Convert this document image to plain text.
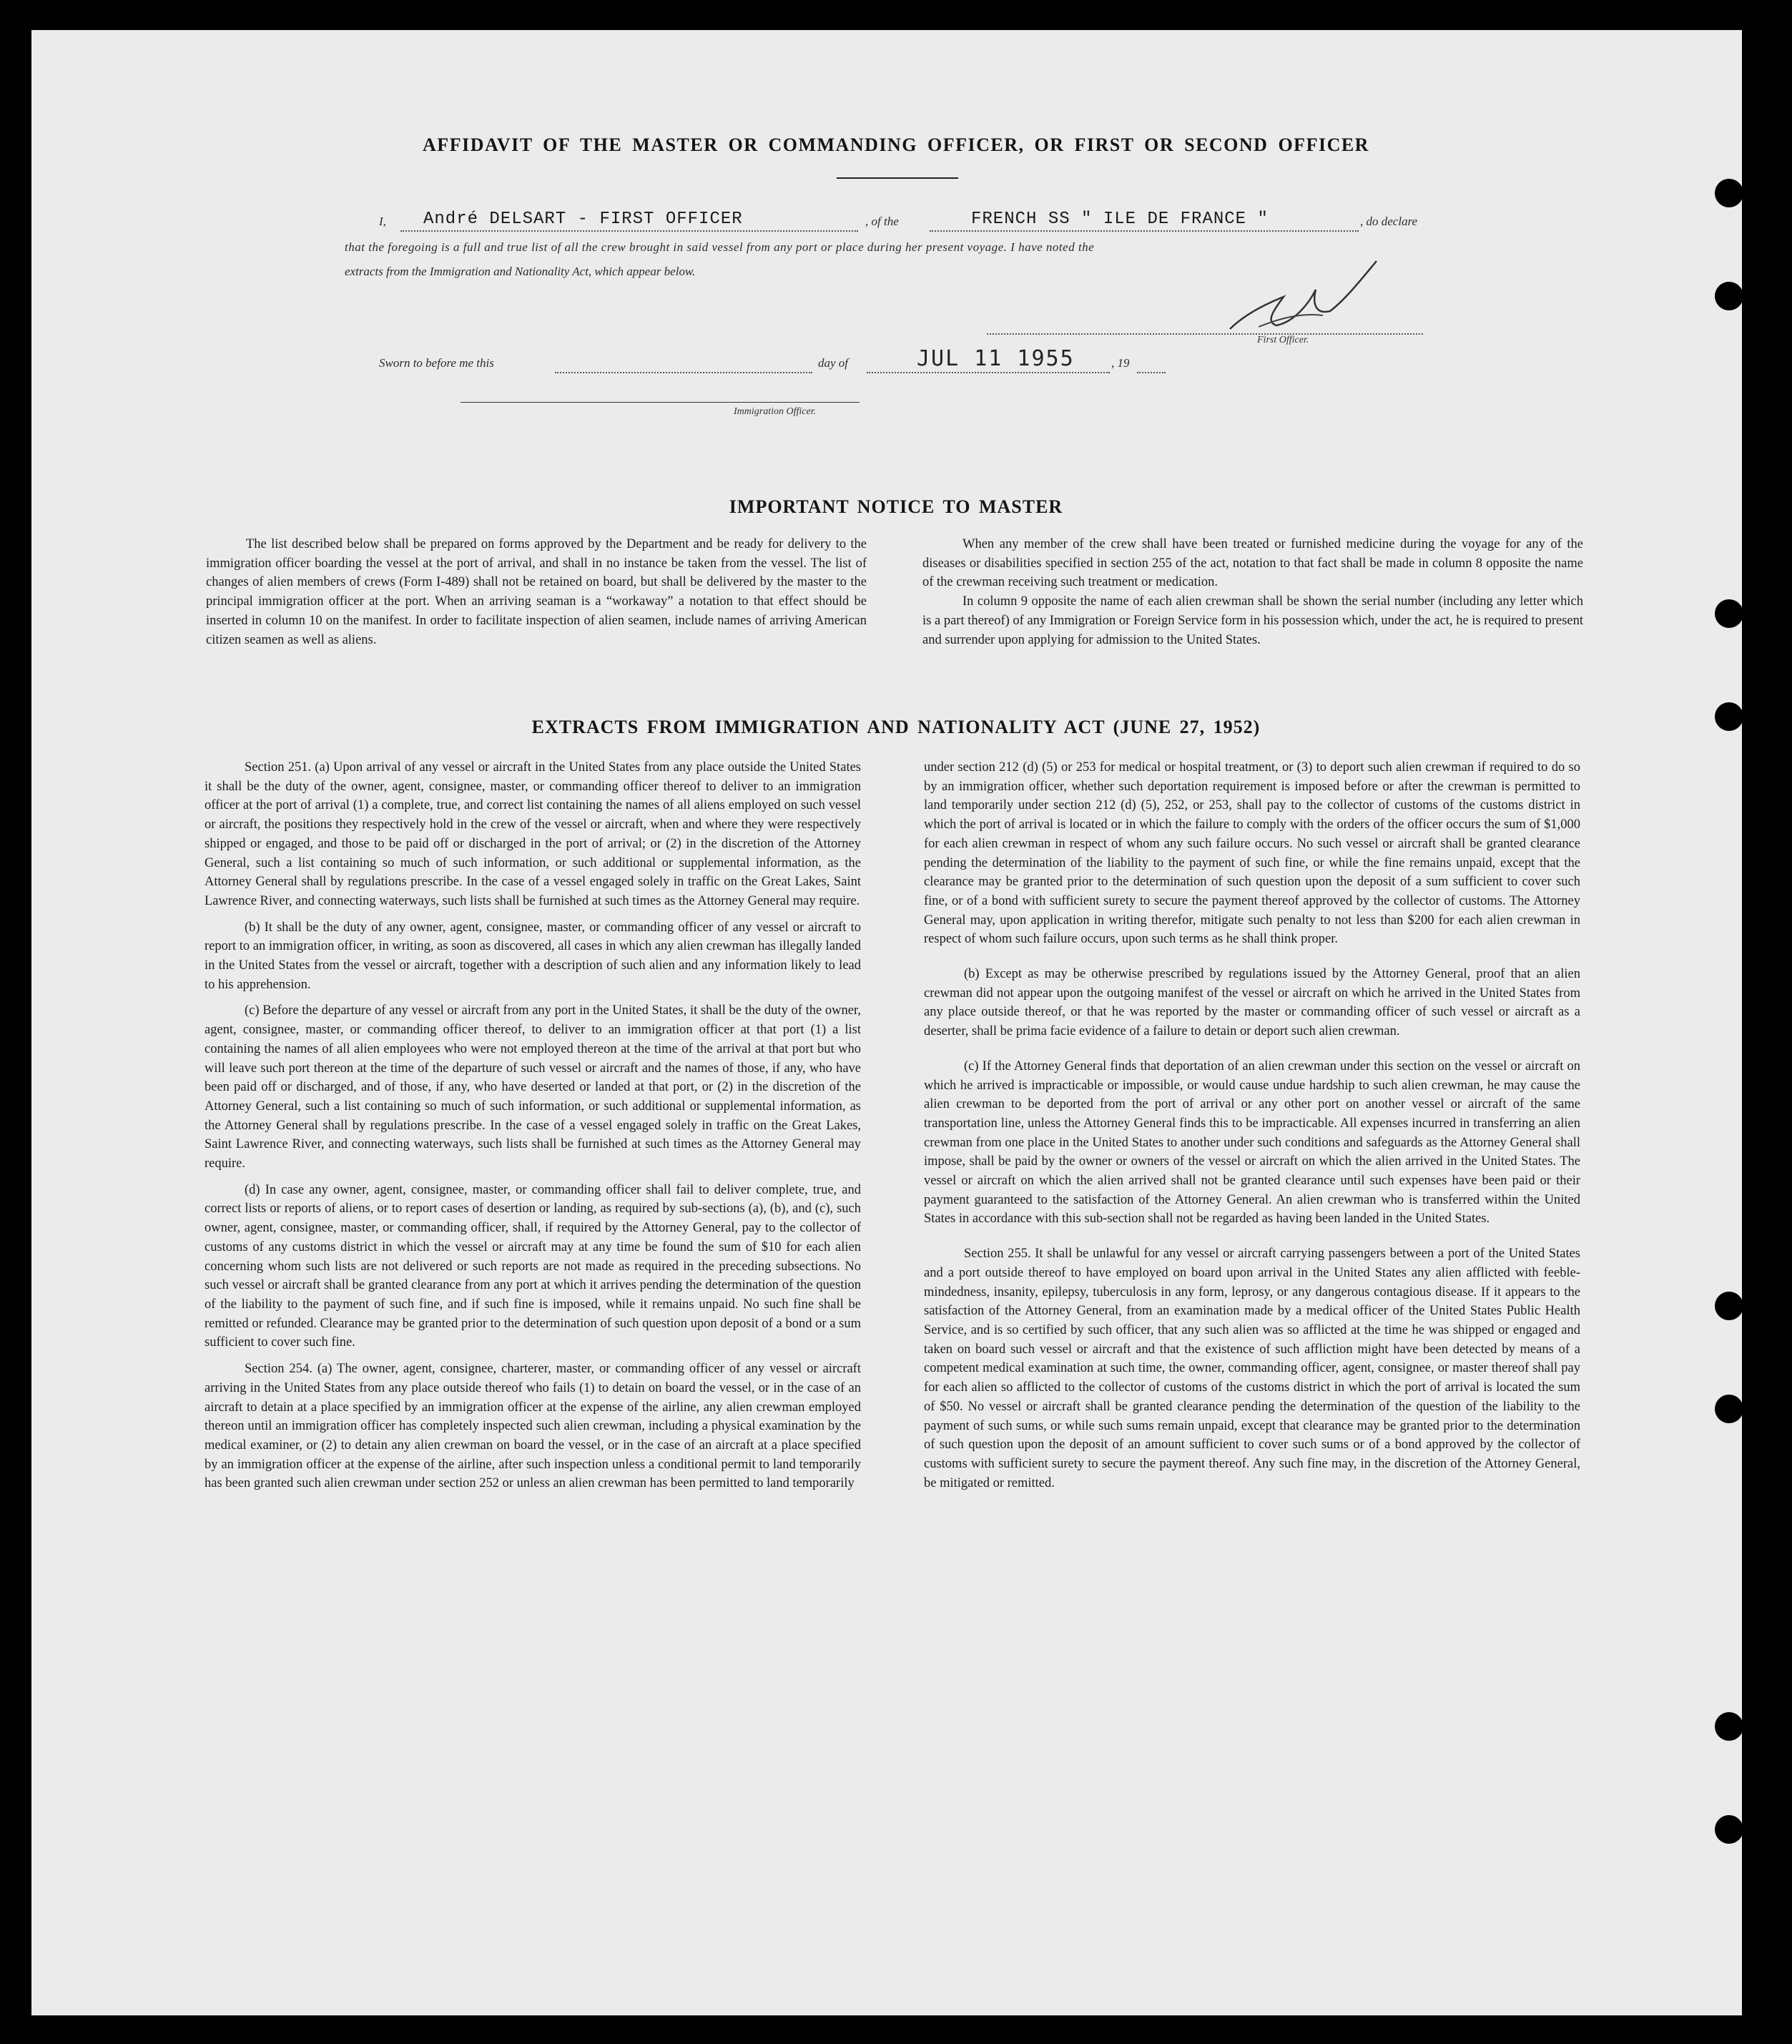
AFFIDAVIT OF THE MASTER OR COMMANDING OFFICER, OR FIRST OR SECOND OFFICER
I, André DELSART - FIRST OFFICER	, of the	FRENCH SS " ILE DE FRANCE "	, do declare
that the foregoing is a full and true list of all the crew brought in said vessel from any port or place during her present voyage. I have noted the
extracts from the Immigration and Nationality Act, which appear below.
First Officer.
Sworn to before me this	day of	JUL 11 1955	, 19
Immigration Officer.
IMPORTANT NOTICE TO MASTER

The list described below shall be prepared on forms approved by the Department and be ready for delivery to the immigration officer boarding the vessel at the port of arrival, and shall in no instance be taken from the vessel. The list of changes of alien members of crews (Form I-489) shall not be retained on board, but shall be delivered by the master to the principal immigration officer at the port. When an arriving seaman is a “workaway” a notation to that effect should be inserted in column 10 on the manifest. In order to facilitate inspection of alien seamen, include names of arriving American citizen seamen as well as aliens.

When any member of the crew shall have been treated or furnished medicine during the voyage for any of the diseases or disabilities specified in section 255 of the act, notation to that fact shall be made in column 8 opposite the name of the crewman receiving such treatment or medication.

In column 9 opposite the name of each alien crewman shall be shown the serial number (including any letter which is a part thereof) of any Immigration or Foreign Service form in his possession which, under the act, he is required to present and surrender upon applying for admission to the United States.

EXTRACTS FROM IMMIGRATION AND NATIONALITY ACT (JUNE 27, 1952)

Section 251. (a) Upon arrival of any vessel or aircraft in the United States from any place outside the United States it shall be the duty of the owner, agent, consignee, master, or commanding officer thereof to deliver to an immigration officer at the port of arrival (1) a complete, true, and correct list containing the names of all aliens employed on such vessel or aircraft, the positions they respectively hold in the crew of the vessel or aircraft, when and where they were respectively shipped or engaged, and those to be paid off or discharged in the port of arrival; or (2) in the discretion of the Attorney General, such a list containing so much of such information, or such additional or supplemental information, as the Attorney General shall by regulations prescribe. In the case of a vessel engaged solely in traffic on the Great Lakes, Saint Lawrence River, and connecting waterways, such lists shall be furnished at such times as the Attorney General may require.

(b) It shall be the duty of any owner, agent, consignee, master, or commanding officer of any vessel or aircraft to report to an immigration officer, in writing, as soon as discovered, all cases in which any alien crewman has illegally landed in the United States from the vessel or aircraft, together with a description of such alien and any information likely to lead to his apprehension.

(c) Before the departure of any vessel or aircraft from any port in the United States, it shall be the duty of the owner, agent, consignee, master, or commanding officer thereof, to deliver to an immigration officer at that port (1) a list containing the names of all alien employees who were not employed thereon at the time of the arrival at that port but who will leave such port thereon at the time of the departure of such vessel or aircraft and the names of those, if any, who have been paid off or discharged, and of those, if any, who have deserted or landed at that port, or (2) in the discretion of the Attorney General, such a list containing so much of such information, or such additional or supplemental information, as the Attorney General shall by regulations prescribe. In the case of a vessel engaged solely in traffic on the Great Lakes, Saint Lawrence River, and connecting waterways, such lists shall be furnished at such times as the Attorney General may require.

(d) In case any owner, agent, consignee, master, or commanding officer shall fail to deliver complete, true, and correct lists or reports of aliens, or to report cases of desertion or landing, as required by sub-sections (a), (b), and (c), such owner, agent, consignee, master, or commanding officer, shall, if required by the Attorney General, pay to the collector of customs of any customs district in which the vessel or aircraft may at any time be found the sum of $10 for each alien concerning whom such lists are not delivered or such reports are not made as required in the preceding subsections. No such vessel or aircraft shall be granted clearance from any port at which it arrives pending the determination of the question of the liability to the payment of such fine, and if such fine is imposed, while it remains unpaid. No such fine shall be remitted or refunded. Clearance may be granted prior to the determination of such question upon deposit of a bond or a sum sufficient to cover such fine.

Section 254. (a) The owner, agent, consignee, charterer, master, or commanding officer of any vessel or aircraft arriving in the United States from any place outside thereof who fails (1) to detain on board the vessel, or in the case of an aircraft to detain at a place specified by an immigration officer at the expense of the airline, any alien crewman employed thereon until an immigration officer has completely inspected such alien crewman, including a physical examination by the medical examiner, or (2) to detain any alien crewman on board the vessel, or in the case of an aircraft at a place specified by an immigration officer at the expense of the airline, after such inspection unless a conditional permit to land temporarily has been granted such alien crewman under section 252 or unless an alien crewman has been permitted to land temporarily

under section 212 (d) (5) or 253 for medical or hospital treatment, or (3) to deport such alien crewman if required to do so by an immigration officer, whether such deportation requirement is imposed before or after the crewman is permitted to land temporarily under section 212 (d) (5), 252, or 253, shall pay to the collector of customs of the customs district in which the port of arrival is located or in which the failure to comply with the orders of the officer occurs the sum of $1,000 for each alien crewman in respect of whom any such failure occurs. No such vessel or aircraft shall be granted clearance pending the determination of the liability to the payment of such fine, or while the fine remains unpaid, except that the clearance may be granted prior to the determination of such question upon the deposit of a sum sufficient to cover such fine, or of a bond with sufficient surety to secure the payment thereof approved by the collector of customs. The Attorney General may, upon application in writing therefor, mitigate such penalty to not less than $200 for each alien crewman in respect of whom such failure occurs, upon such terms as he shall think proper.

(b) Except as may be otherwise prescribed by regulations issued by the Attorney General, proof that an alien crewman did not appear upon the outgoing manifest of the vessel or aircraft on which he arrived in the United States from any place outside thereof, or that he was reported by the master or commanding officer of such vessel or aircraft as a deserter, shall be prima facie evidence of a failure to detain or deport such alien crewman.

(c) If the Attorney General finds that deportation of an alien crewman under this section on the vessel or aircraft on which he arrived is impracticable or impossible, or would cause undue hardship to such alien crewman, he may cause the alien crewman to be deported from the port of arrival or any other port on another vessel or aircraft of the same transportation line, unless the Attorney General finds this to be impracticable. All expenses incurred in transferring an alien crewman from one place in the United States to another under such conditions and safeguards as the Attorney General shall impose, shall be paid by the owner or owners of the vessel or aircraft on which the alien arrived in the United States. The vessel or aircraft on which the alien arrived shall not be granted clearance until such expenses have been paid or their payment guaranteed to the satisfaction of the Attorney General. An alien crewman who is transferred within the United States in accordance with this sub-section shall not be regarded as having been landed in the United States.

Section 255. It shall be unlawful for any vessel or aircraft carrying passengers between a port of the United States and a port outside thereof to have employed on board upon arrival in the United States any alien afflicted with feeble-mindedness, insanity, epilepsy, tuberculosis in any form, leprosy, or any dangerous contagious disease. If it appears to the satisfaction of the Attorney General, from an examination made by a medical officer of the United States Public Health Service, and is so certified by such officer, that any such alien was so afflicted at the time he was shipped or engaged and taken on board such vessel or aircraft and that the existence of such affliction might have been detected by means of a competent medical examination at such time, the owner, commanding officer, agent, consignee, or master thereof shall pay for each alien so afflicted to the collector of customs of the customs district in which the port of arrival is located the sum of $50. No vessel or aircraft shall be granted clearance pending the determination of the question of the liability to the payment of such sums, or while such sums remain unpaid, except that clearance may be granted prior to the determination of such question upon the deposit of an amount sufficient to cover such sums or of a bond approved by the collector of customs with sufficient surety to secure the payment thereof. Any such fine may, in the discretion of the Attorney General, be mitigated or remitted.
